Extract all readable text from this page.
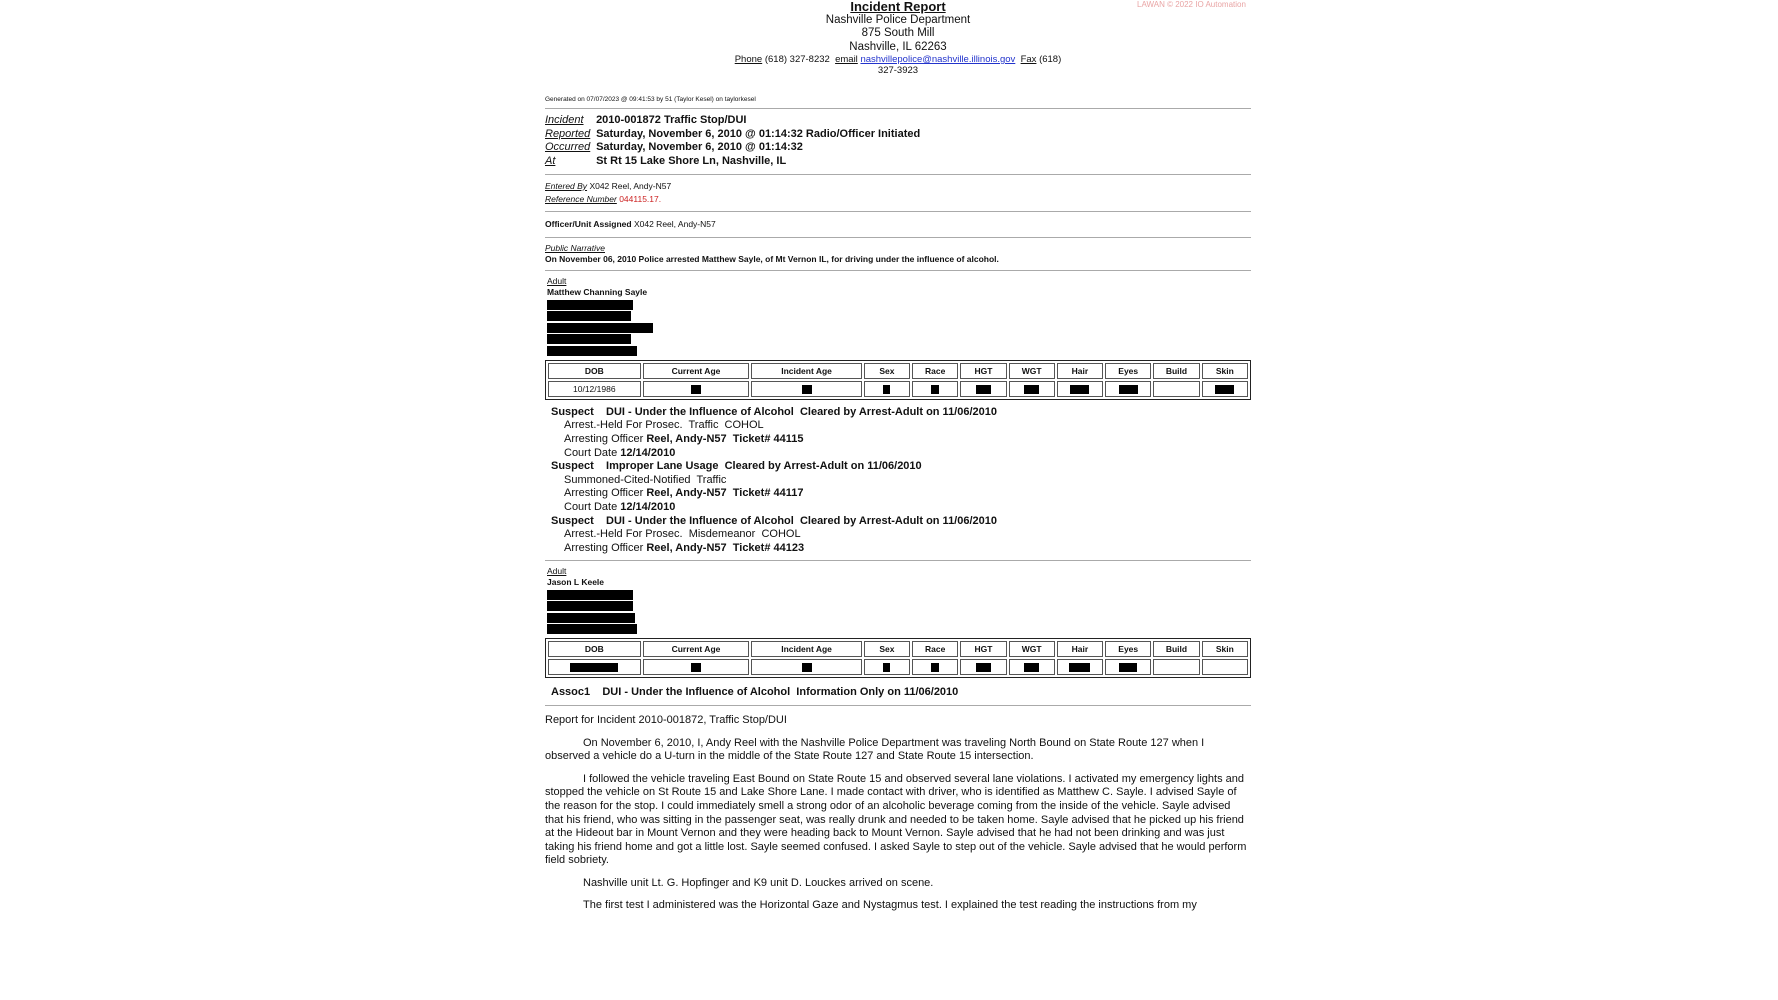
LAWAN © 2022 IO Automation
Incident Report
Nashville Police Department
875 South Mill
Nashville, IL 62263
Phone (618) 327-8232 email nashvillepolice@nashville.illinois.gov Fax (618)
327-3923
Generated on 07/07/2023 @ 09:41:53 by 51 (Taylor Kesel) on taylorkesel
Incident 2010-001872 Traffic Stop/DUI
Reported Saturday, November 6, 2010 @ 01:14:32 Radio/Officer Initiated
Occurred Saturday, November 6, 2010 @ 01:14:32
At	St Rt 15 Lake Shore Ln, Nashville, IL
Entered By X042 Reel, Andy-N57
Reference Number 044115.17.
Officer/Unit Assigned X042 Reel, Andy-N57
Public Narrative
On November 06, 2010 Police arrested Matthew Sayle, of Mt Vernon IL, for driving under the influence of alcohol.
Adult
Matthew Channing Sayle
DOB	Current Age	Incident Age	Sex	Race	HGT	WGT	Hair	Eyes	Build	Skin
10/12/1986										
Suspect    DUI - Under the Influence of Alcohol  Cleared by Arrest-Adult on 11/06/2010
Arrest.-Held For Prosec.  Traffic  COHOL
Arresting Officer Reel, Andy-N57  Ticket# 44115
Court Date 12/14/2010
Suspect    Improper Lane Usage  Cleared by Arrest-Adult on 11/06/2010
Summoned-Cited-Notified  Traffic
Arresting Officer Reel, Andy-N57  Ticket# 44117
Court Date 12/14/2010
Suspect    DUI - Under the Influence of Alcohol  Cleared by Arrest-Adult on 11/06/2010
Arrest.-Held For Prosec.  Misdemeanor  COHOL
Arresting Officer Reel, Andy-N57  Ticket# 44123
Adult
Jason L Keele
DOB	Current Age	Incident Age	Sex	Race	HGT	WGT	Hair	Eyes	Build	Skin

Assoc1    DUI - Under the Influence of Alcohol  Information Only on 11/06/2010
Report for Incident 2010-001872, Traffic Stop/DUI

On November 6, 2010, I, Andy Reel with the Nashville Police Department was traveling North Bound on State Route 127 when I observed a vehicle do a U-turn in the middle of the State Route 127 and State Route 15 intersection.

I followed the vehicle traveling East Bound on State Route 15 and observed several lane violations. I activated my emergency lights and stopped the vehicle on St Route 15 and Lake Shore Lane. I made contact with driver, who is identified as Matthew C. Sayle. I advised Sayle of the reason for the stop. I could immediately smell a strong odor of an alcoholic beverage coming from the inside of the vehicle. Sayle advised that his friend, who was sitting in the passenger seat, was really drunk and needed to be taken home. Sayle advised that he picked up his friend at the Hideout bar in Mount Vernon and they were heading back to Mount Vernon. Sayle advised that he had not been drinking and was just taking his friend home and got a little lost. Sayle seemed confused. I asked Sayle to step out of the vehicle. Sayle advised that he would perform field sobriety.

Nashville unit Lt. G. Hopfinger and K9 unit D. Louckes arrived on scene.

The first test I administered was the Horizontal Gaze and Nystagmus test. I explained the test reading the instructions from my
